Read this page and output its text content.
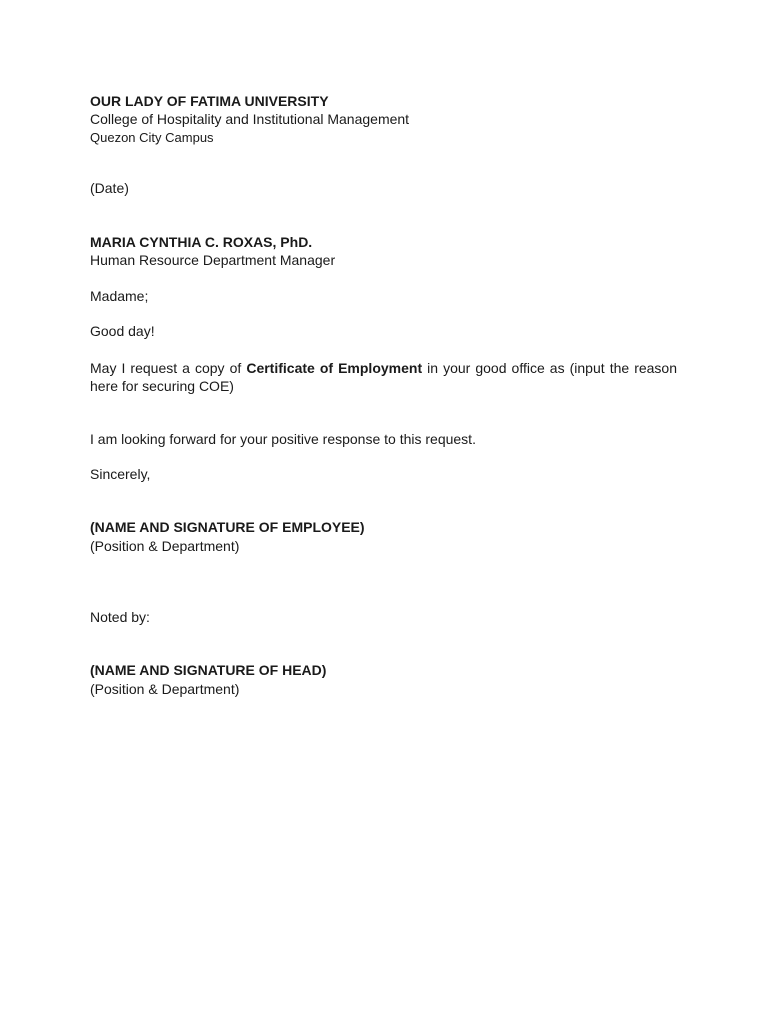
OUR LADY OF FATIMA UNIVERSITY
College of Hospitality and Institutional Management
Quezon City Campus
(Date)
MARIA CYNTHIA C. ROXAS, PhD.
Human Resource Department Manager
Madame;
Good day!
May I request a copy of Certificate of Employment in your good office as (input the reason here for securing COE)
I am looking forward for your positive response to this request.
Sincerely,
(NAME AND SIGNATURE OF EMPLOYEE)
(Position & Department)
Noted by:
(NAME AND SIGNATURE OF HEAD)
(Position & Department)
